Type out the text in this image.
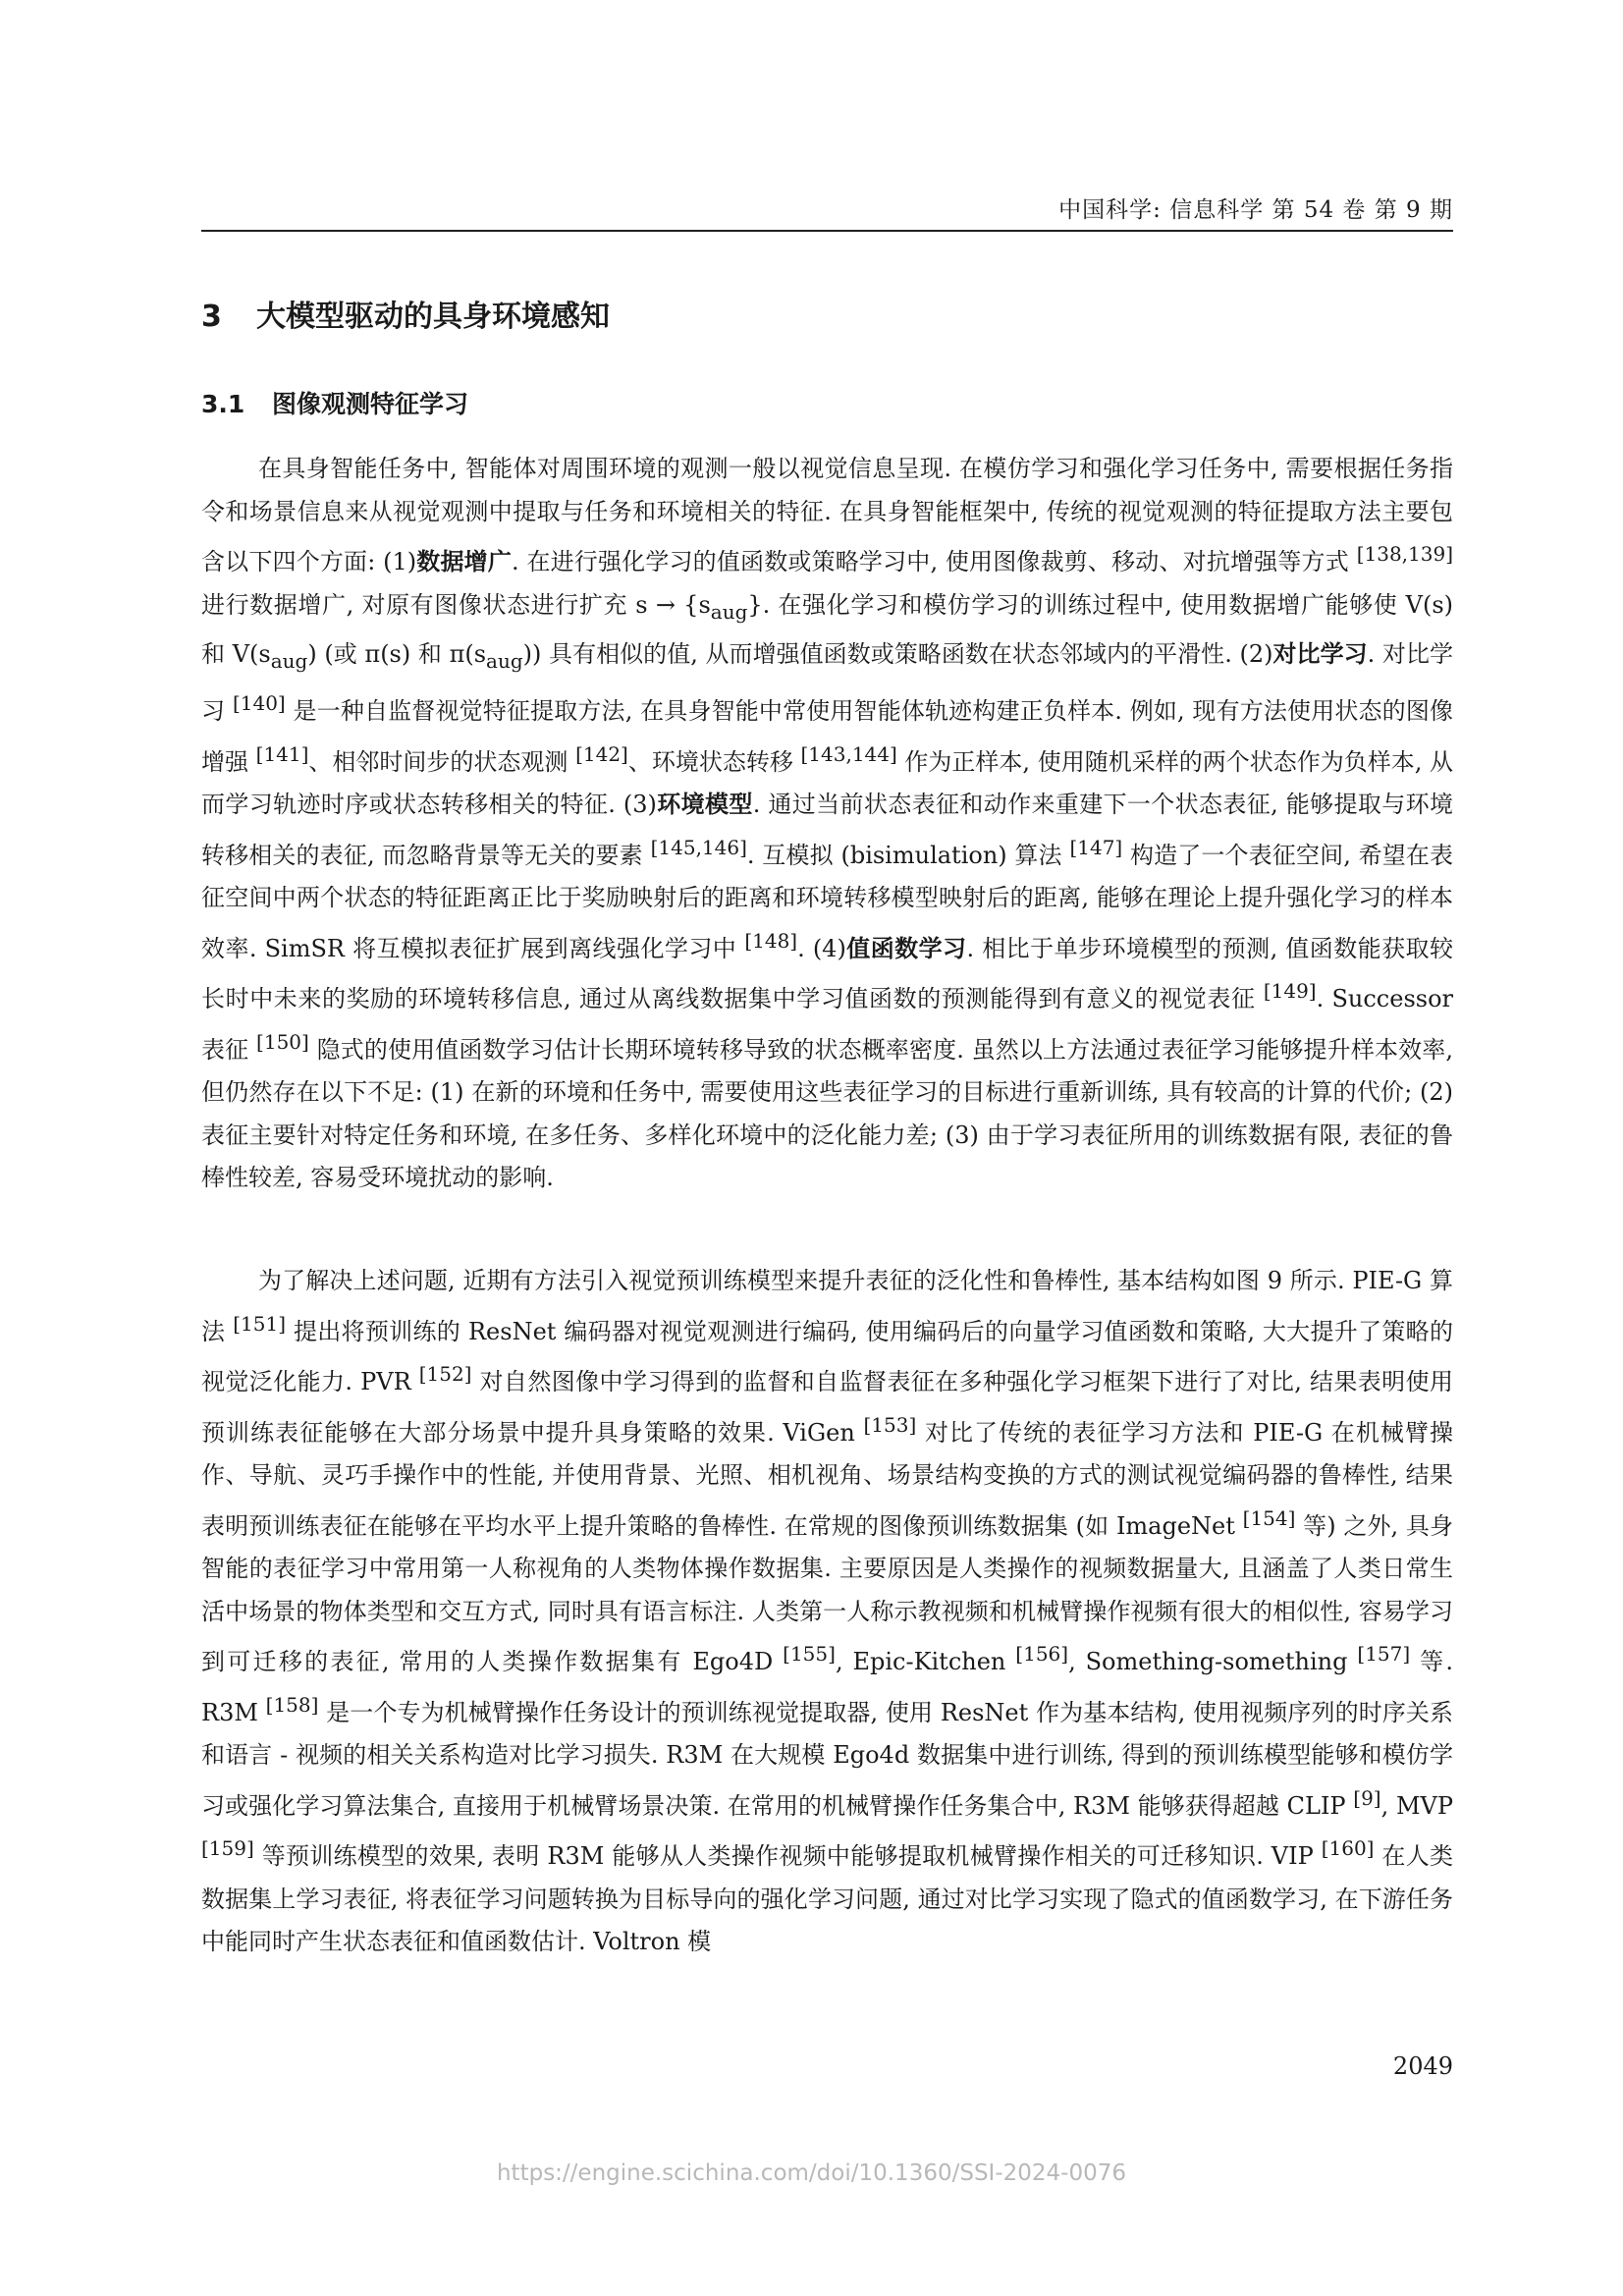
中国科学: 信息科学 第 54 卷 第 9 期
3 大模型驱动的具身环境感知
3.1 图像观测特征学习

在具身智能任务中, 智能体对周围环境的观测一般以视觉信息呈现. 在模仿学习和强化学习任务中, 需要根据任务指令和场景信息来从视觉观测中提取与任务和环境相关的特征. 在具身智能框架中, 传统的视觉观测的特征提取方法主要包含以下四个方面: (1)数据增广. 在进行强化学习的值函数或策略学习中, 使用图像裁剪、移动、对抗增强等方式 [138,139] 进行数据增广, 对原有图像状态进行扩充 $s \to \{s_{aug}\}$. 在强化学习和模仿学习的训练过程中, 使用数据增广能够使 V(s) 和 $V(s_{aug})$ (或 π(s) 和 $\pi(s_{aug})$) 具有相似的值, 从而增强值函数或策略函数在状态邻域内的平滑性. (2)对比学习. 对比学习 [140] 是一种自监督视觉特征提取方法, 在具身智能中常使用智能体轨迹构建正负样本. 例如, 现有方法使用状态的图像增强 [141]、相邻时间步的状态观测 [142]、环境状态转移 [143,144] 作为正样本, 使用随机采样的两个状态作为负样本, 从而学习轨迹时序或状态转移相关的特征. (3)环境模型. 通过当前状态表征和动作来重建下一个状态表征, 能够提取与环境转移相关的表征, 而忽略背景等无关的要素 [145,146]. 互模拟 (bisimulation) 算法 [147] 构造了一个表征空间, 希望在表征空间中两个状态的特征距离正比于奖励映射后的距离和环境转移模型映射后的距离, 能够在理论上提升强化学习的样本效率. SimSR 将互模拟表征扩展到离线强化学习中 [148]. (4)值函数学习. 相比于单步环境模型的预测, 值函数能获取较长时中未来的奖励的环境转移信息, 通过从离线数据集中学习值函数的预测能得到有意义的视觉表征 [149]. Successor 表征 [150] 隐式的使用值函数学习估计长期环境转移导致的状态概率密度. 虽然以上方法通过表征学习能够提升样本效率, 但仍然存在以下不足: (1) 在新的环境和任务中, 需要使用这些表征学习的目标进行重新训练, 具有较高的计算的代价; (2) 表征主要针对特定任务和环境, 在多任务、多样化环境中的泛化能力差; (3) 由于学习表征所用的训练数据有限, 表征的鲁棒性较差, 容易受环境扰动的影响.

为了解决上述问题, 近期有方法引入视觉预训练模型来提升表征的泛化性和鲁棒性, 基本结构如图 9 所示. PIE-G 算法 [151] 提出将预训练的 ResNet 编码器对视觉观测进行编码, 使用编码后的向量学习值函数和策略, 大大提升了策略的视觉泛化能力. PVR [152] 对自然图像中学习得到的监督和自监督表征在多种强化学习框架下进行了对比, 结果表明使用预训练表征能够在大部分场景中提升具身策略的效果. ViGen [153] 对比了传统的表征学习方法和 PIE-G 在机械臂操作、导航、灵巧手操作中的性能, 并使用背景、光照、相机视角、场景结构变换的方式的测试视觉编码器的鲁棒性, 结果表明预训练表征在能够在平均水平上提升策略的鲁棒性. 在常规的图像预训练数据集 (如 ImageNet [154] 等) 之外, 具身智能的表征学习中常用第一人称视角的人类物体操作数据集. 主要原因是人类操作的视频数据量大, 且涵盖了人类日常生活中场景的物体类型和交互方式, 同时具有语言标注. 人类第一人称示教视频和机械臂操作视频有很大的相似性, 容易学习到可迁移的表征, 常用的人类操作数据集有 Ego4D [155], Epic-Kitchen [156], Something-something [157] 等. R3M [158] 是一个专为机械臂操作任务设计的预训练视觉提取器, 使用 ResNet 作为基本结构, 使用视频序列的时序关系和语言 - 视频的相关关系构造对比学习损失. R3M 在大规模 Ego4d 数据集中进行训练, 得到的预训练模型能够和模仿学习或强化学习算法集合, 直接用于机械臂场景决策. 在常用的机械臂操作任务集合中, R3M 能够获得超越 CLIP [9], MVP [159] 等预训练模型的效果, 表明 R3M 能够从人类操作视频中能够提取机械臂操作相关的可迁移知识. VIP [160] 在人类数据集上学习表征, 将表征学习问题转换为目标导向的强化学习问题, 通过对比学习实现了隐式的值函数学习, 在下游任务中能同时产生状态表征和值函数估计. Voltron 模

2049
https://engine.scichina.com/doi/10.1360/SSI-2024-0076
